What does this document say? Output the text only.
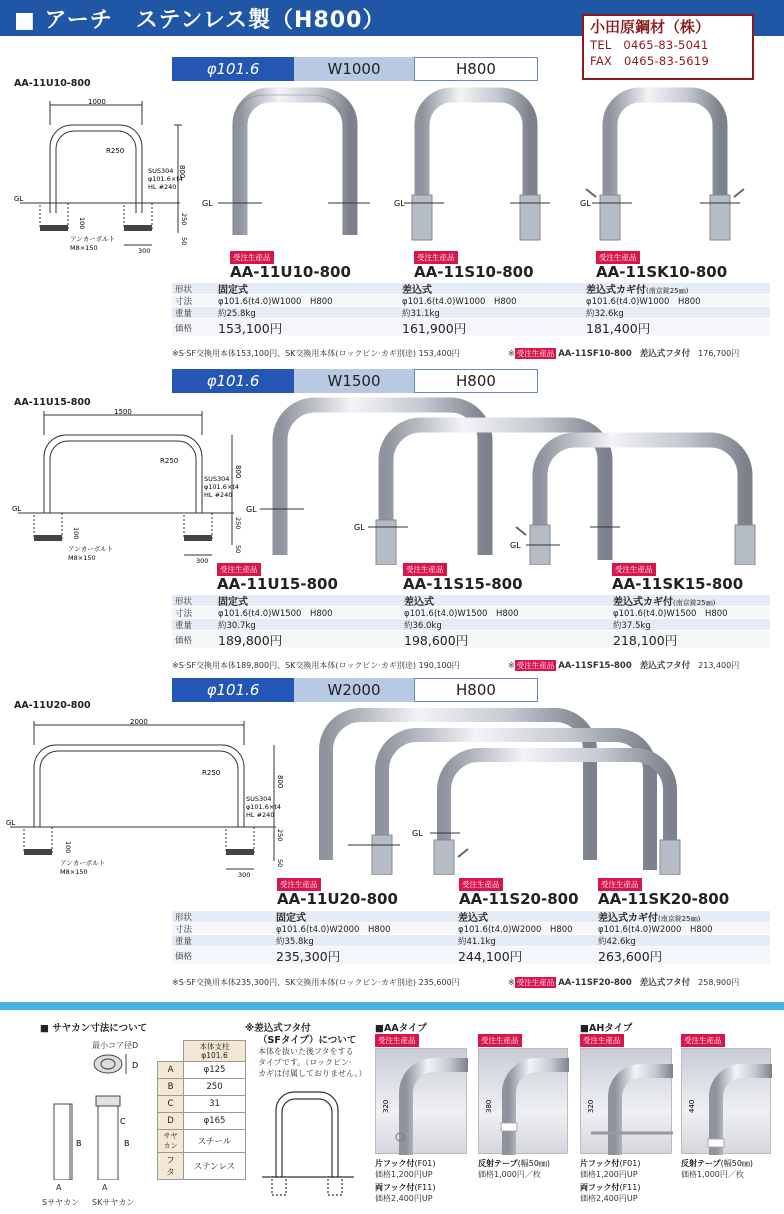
■ アーチ　ステンレス製（H800）	小田原鋼材（株）
TEL　0465-83-5041
FAX　0465-83-5619
φ101.6	W1000	H800
AA-11U10-800
1000
R250
800
SUS304
φ101.6×t4
HL #240
GL
100	250
50
アンカーボルト
M8×150	300
GL	GL	GL
受注生産品	受注生産品	受注生産品
AA-11U10-800	AA-11S10-800	AA-11SK10-800
形状	固定式	差込式	差込式カギ付(南京錠25㎜)
寸法	φ101.6(t4.0)W1000　H800	φ101.6(t4.0)W1000　H800	φ101.6(t4.0)W1000　H800
重量	約25.8kg	約31.1kg	約32.6kg
価格	153,100円	161,900円	181,400円
※S·SF交換用本体153,100円、SK交換用本体(ロックピン·カギ別途) 153,400円	※ 受注生産品 AA-11SF10-800　 差込式フタ付　 176,700円
φ101.6	W1500	H800
AA-11U15-800
1500
R250
800
SUS304
φ101.6×t4
HL #240
GL
100
250
50
アンカーボルト
M8×150	300
GL
GL
GL
受注生産品	受注生産品	受注生産品
AA-11U15-800	AA-11S15-800	AA-11SK15-800
形状	固定式	差込式	差込式カギ付(南京錠25㎜)
寸法	φ101.6(t4.0)W1500　H800	φ101.6(t4.0)W1500　H800	φ101.6(t4.0)W1500　H800
重量	約30.7kg	約36.0kg	約37.5kg
価格	189,800円	198,600円	218,100円
※S·SF交換用本体189,800円、SK交換用本体(ロックピン·カギ別途) 190,100円	※ 受注生産品 AA-11SF15-800　 差込式フタ付　 213,400円
φ101.6	W2000	H800
AA-11U20-800
2000
R250
800
SUS304
φ101.6×t4
HL #240
GL
100
250
50
アンカーボルト
M8×150	300
GL
受注生産品	受注生産品	受注生産品
AA-11U20-800	AA-11S20-800 AA-11SK20-800
形状	固定式	差込式	差込式カギ付(南京錠25㎜)
寸法	φ101.6(t4.0)W2000　H800	φ101.6(t4.0)W2000　H800	φ101.6(t4.0)W2000　H800
重量	約35.8kg	約41.1kg	約42.6kg
価格	235,300円	244,100円	263,600円
※S·SF交換用本体235,300円、SK交換用本体(ロックピン·カギ別途) 235,600円	※ 受注生産品 AA-11SF20-800　 差込式フタ付　 258,900円
■ サヤカン寸法について
最小コア径D
D
B	B
C
A	A
Sサヤカン SKサヤカン
	本体支柱
φ101.6
A	φ125
B	250
C	31
D	φ165
サヤカン	スチール
フ　タ	ステンレス
※差込式フタ付
（SFタイプ）について
本体を抜いた後フタをする
タイプです。（ロックピン·
カギは付属しておりません。）
■AAタイプ
受注生産品	受注生産品
320	380
片フック付(F01)
価格1,200円UP
両フック付(F11)
価格2,400円UP
反射テープ(幅50㎜)
価格1,000円／枚
■AHタイプ
受注生産品	受注生産品
320	440
片フック付(F01)
価格1,200円UP
両フック付(F11)
価格2,400円UP
反射テープ(幅50㎜)
価格1,000円／枚
